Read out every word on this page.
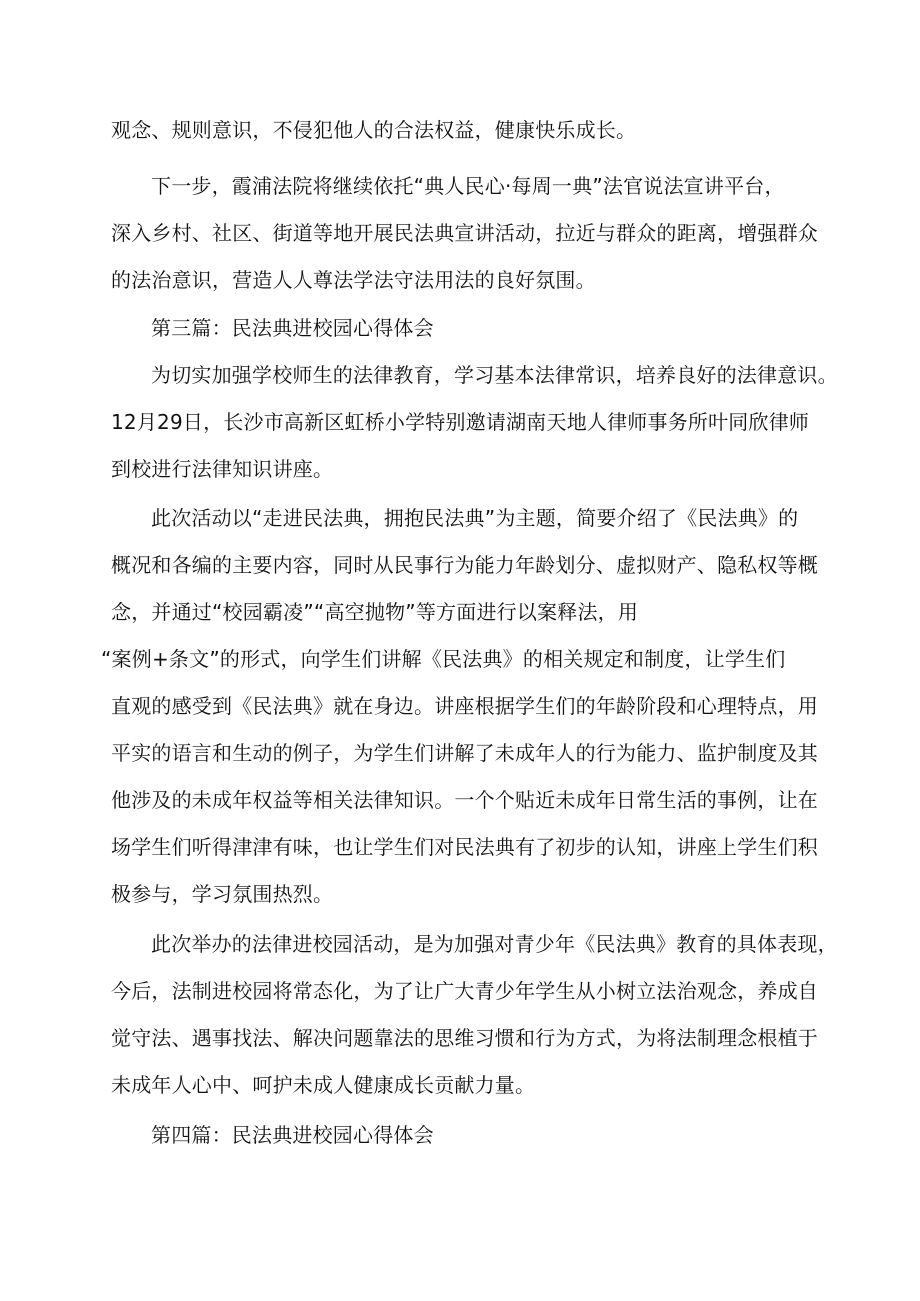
观念、规则意识，不侵犯他人的合法权益，健康快乐成长。
下一步，霞浦法院将继续依托“典人民心·每周一典”法官说法宣讲平台，
深入乡村、社区、街道等地开展民法典宣讲活动，拉近与群众的距离，增强群众
的法治意识，营造人人尊法学法守法用法的良好氛围。
第三篇：民法典进校园心得体会
为切实加强学校师生的法律教育，学习基本法律常识，培养良好的法律意识。
12月29日，长沙市高新区虹桥小学特别邀请湖南天地人律师事务所叶同欣律师
到校进行法律知识讲座。
此次活动以“走进民法典，拥抱民法典”为主题，简要介绍了《民法典》的
概况和各编的主要内容，同时从民事行为能力年龄划分、虚拟财产、隐私权等概
念，并通过“校园霸凌”“高空抛物”等方面进行以案释法，用
“案例+条文”的形式，向学生们讲解《民法典》的相关规定和制度，让学生们
直观的感受到《民法典》就在身边。讲座根据学生们的年龄阶段和心理特点，用
平实的语言和生动的例子，为学生们讲解了未成年人的行为能力、监护制度及其
他涉及的未成年权益等相关法律知识。一个个贴近未成年日常生活的事例，让在
场学生们听得津津有味，也让学生们对民法典有了初步的认知，讲座上学生们积
极参与，学习氛围热烈。
此次举办的法律进校园活动，是为加强对青少年《民法典》教育的具体表现，
今后，法制进校园将常态化，为了让广大青少年学生从小树立法治观念，养成自
觉守法、遇事找法、解决问题靠法的思维习惯和行为方式，为将法制理念根植于
未成年人心中、呵护未成人健康成长贡献力量。
第四篇：民法典进校园心得体会
